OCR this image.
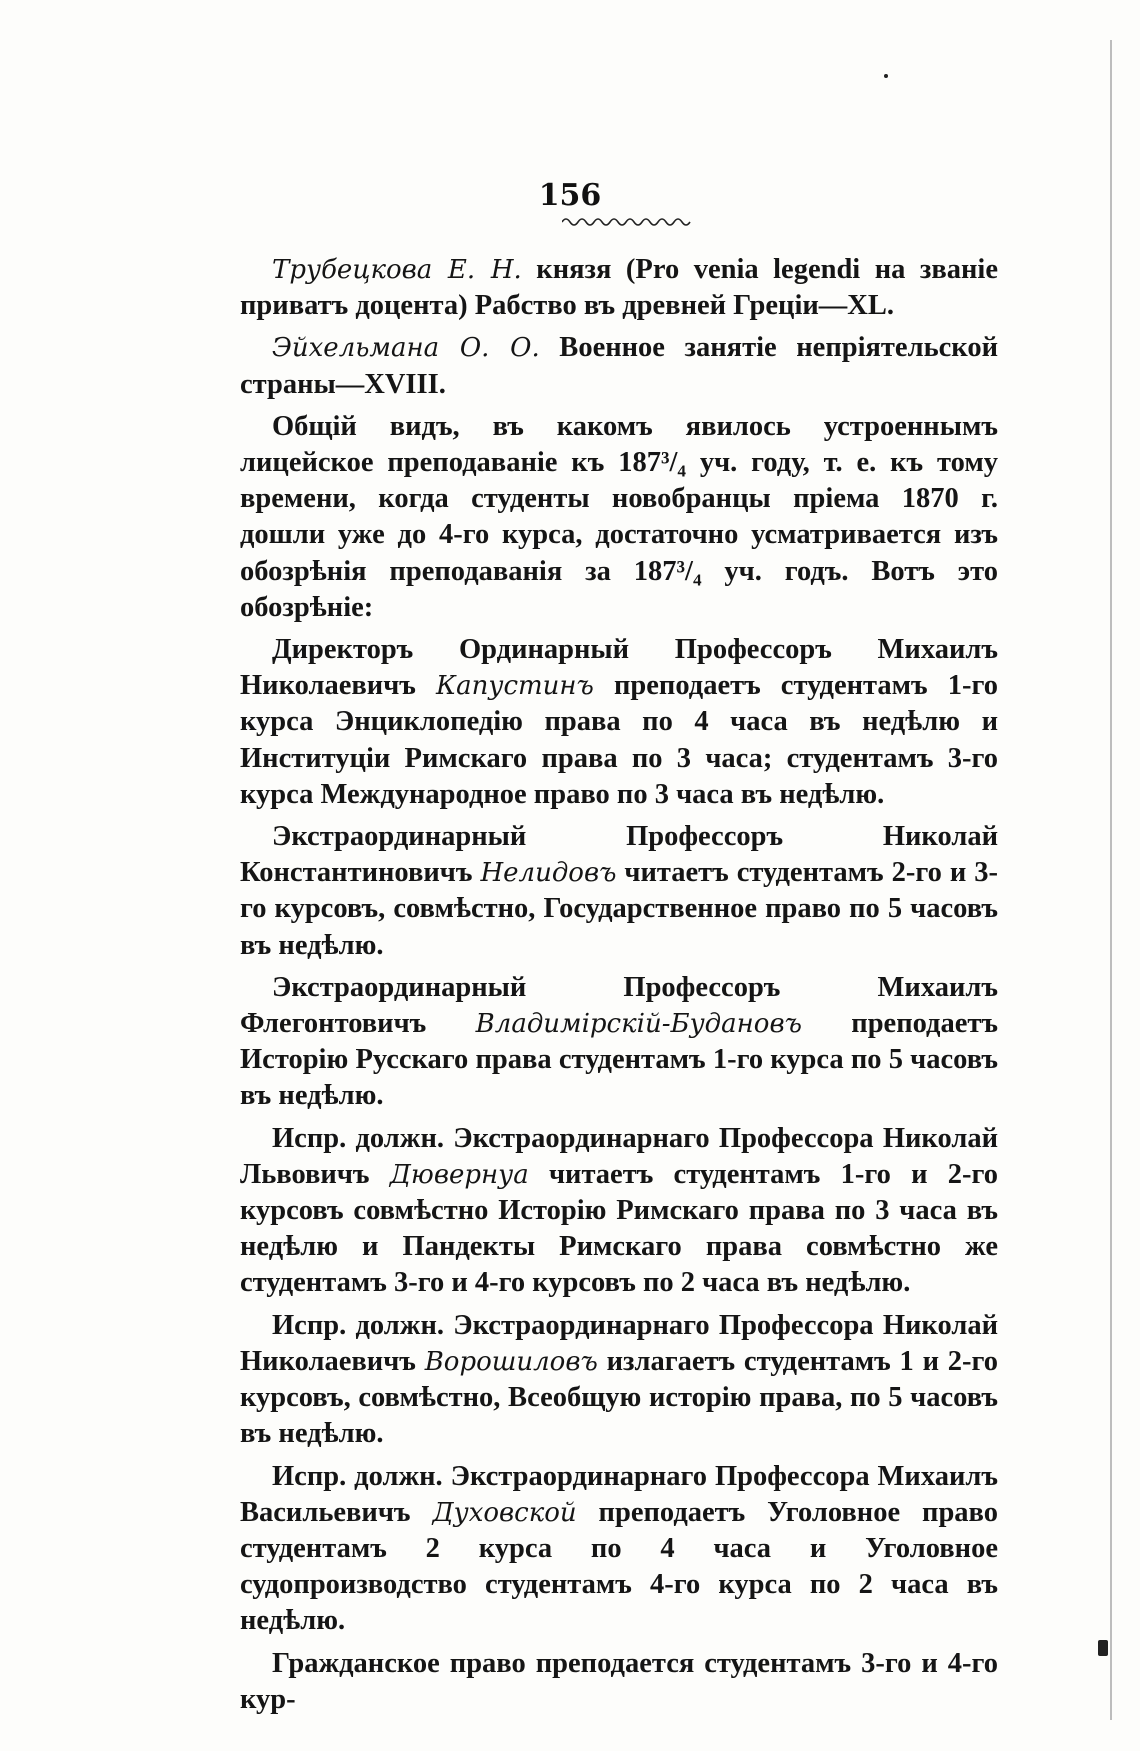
156

Трубецкова Е. Н. князя (Pro venia legendi на званіе приватъ доцента) Рабство въ древней Греціи—XL.

Эйхельмана О. О. Военное занятіе непріятельской страны—XVIII.

Общій видъ, въ какомъ явилось устроеннымъ лицейское преподаваніе къ 187³/₄ уч. году, т. е. къ тому времени, когда студенты новобранцы пріема 1870 г. дошли уже до 4-го курса, достаточно усматривается изъ обозрѣнія преподаванія за 187³/₄ уч. годъ. Вотъ это обозрѣніе:

Директоръ Ординарный Профессоръ Михаилъ Николаевичъ Капустинъ преподаетъ студентамъ 1-го курса Энциклопедію права по 4 часа въ недѣлю и Институціи Римскаго права по 3 часа; студентамъ 3-го курса Международное право по 3 часа въ недѣлю.

Экстраординарный Профессоръ Николай Константиновичъ Нелидовъ читаетъ студентамъ 2-го и 3-го курсовъ, совмѣстно, Государственное право по 5 часовъ въ недѣлю.

Экстраординарный Профессоръ Михаилъ Флегонтовичъ Владимірскій-Будановъ преподаетъ Исторію Русскаго права студентамъ 1-го курса по 5 часовъ въ недѣлю.

Испр. должн. Экстраординарнаго Профессора Николай Львовичъ Дювернуа читаетъ студентамъ 1-го и 2-го курсовъ совмѣстно Исторію Римскаго права по 3 часа въ недѣлю и Пандекты Римскаго права совмѣстно же студентамъ 3-го и 4-го курсовъ по 2 часа въ недѣлю.

Испр. должн. Экстраординарнаго Профессора Николай Николаевичъ Ворошиловъ излагаетъ студентамъ 1 и 2-го курсовъ, совмѣстно, Всеобщую исторію права, по 5 часовъ въ недѣлю.

Испр. должн. Экстраординарнаго Профессора Михаилъ Васильевичъ Духовской преподаетъ Уголовное право студентамъ 2 курса по 4 часа и Уголовное судопроизводство студентамъ 4-го курса по 2 часа въ недѣлю.

Гражданское право преподается студентамъ 3-го и 4-го кур-
